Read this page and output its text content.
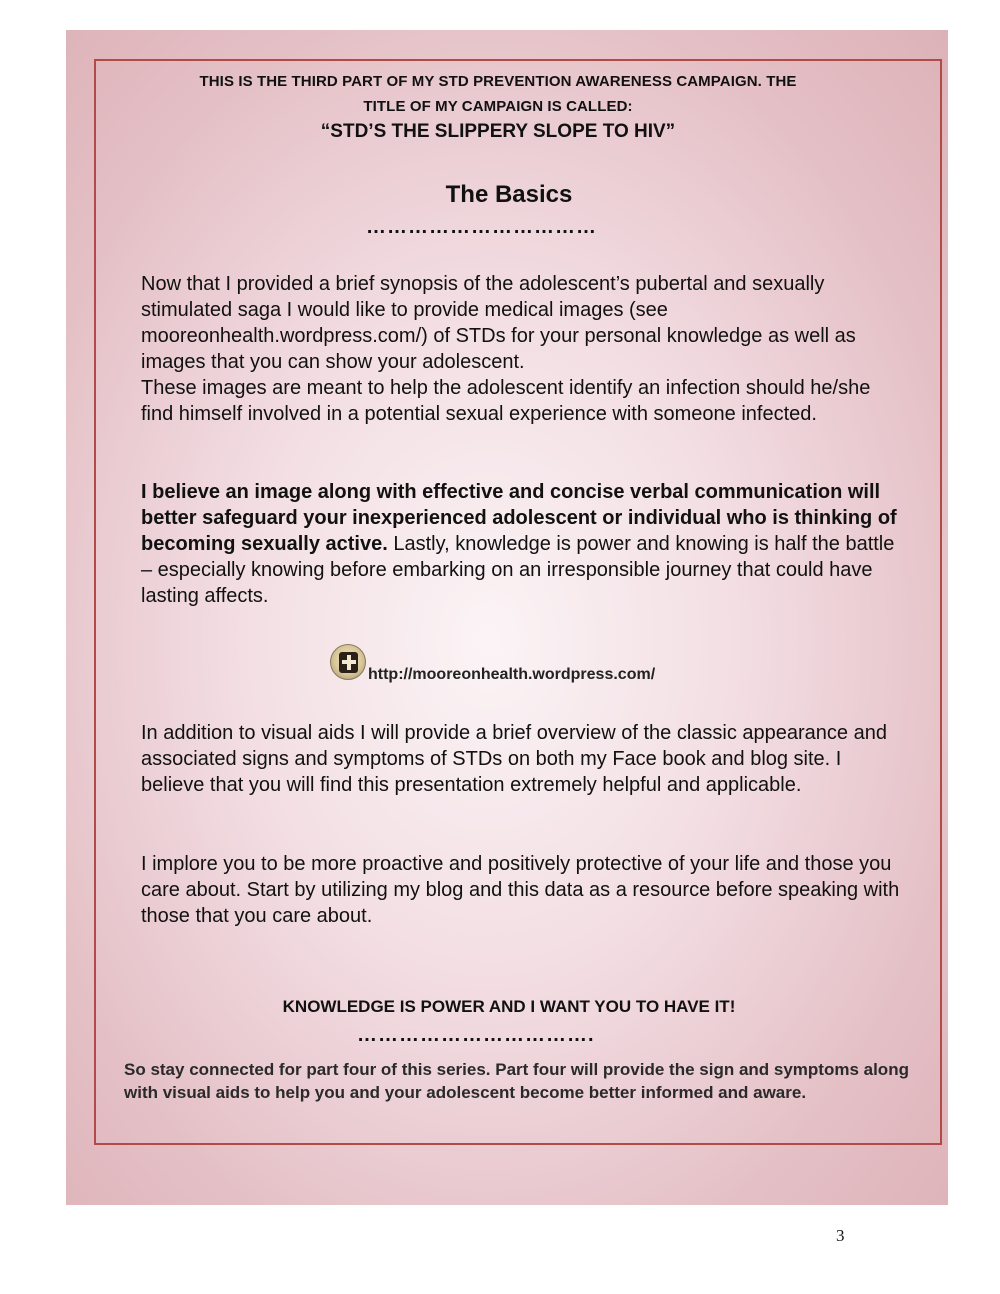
THIS IS THE THIRD PART OF MY STD PREVENTION AWARENESS CAMPAIGN. THE
TITLE OF MY CAMPAIGN IS CALLED:
“STD’S THE SLIPPERY SLOPE TO HIV”
The Basics
……………………………

Now that I provided a brief synopsis of the adolescent’s pubertal and sexually stimulated saga I would like to provide medical images (see mooreonhealth.wordpress.com/) of STDs for your personal knowledge as well as images that you can show your adolescent.
These images are meant to help the adolescent identify an infection should he/she find himself involved in a potential sexual experience with someone infected.

I believe an image along with effective and concise verbal communication will better safeguard your inexperienced adolescent or individual who is thinking of becoming sexually active. Lastly, knowledge is power and knowing is half the battle – especially knowing before embarking on an irresponsible journey that could have lasting affects.

http://mooreonhealth.wordpress.com/

In addition to visual aids I will provide a brief overview of the classic appearance and associated signs and symptoms of STDs on both my Face book and blog site. I believe that you will find this presentation extremely helpful and applicable.

I implore you to be more proactive and positively protective of your life and those you care about. Start by utilizing my blog and this data as a resource before speaking with those that you care about.

KNOWLEDGE IS POWER AND I WANT YOU TO HAVE IT!
…………………………….

So stay connected for part four of this series. Part four will provide the sign and symptoms along with visual aids to help you and your adolescent become better informed and aware.

3
